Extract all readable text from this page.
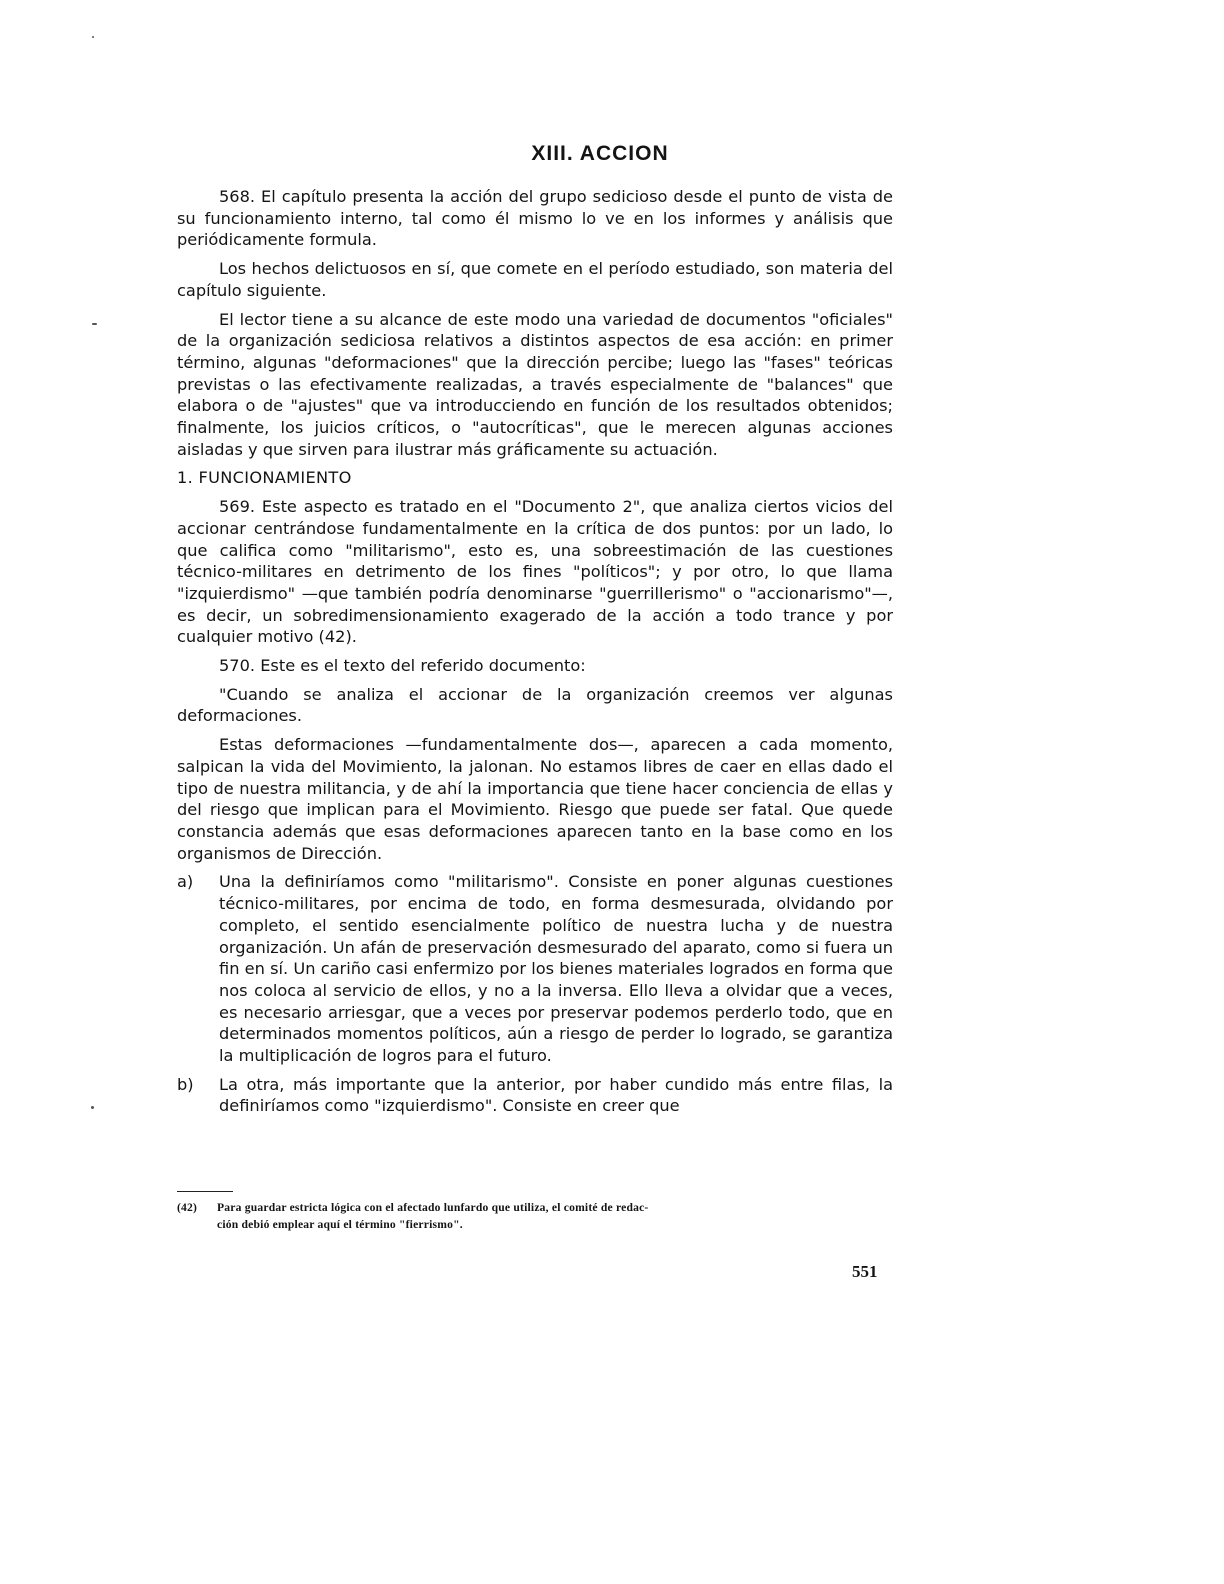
XIII. ACCION

568. El capítulo presenta la acción del grupo sedicioso desde el punto de vista de su funcionamiento interno, tal como él mismo lo ve en los informes y análisis que periódicamente formula.

Los hechos delictuosos en sí, que comete en el período estudiado, son materia del capítulo siguiente.

El lector tiene a su alcance de este modo una variedad de documentos "oficiales" de la organización sediciosa relativos a distintos aspectos de esa acción: en primer término, algunas "deformaciones" que la dirección percibe; luego las "fases" teóricas previstas o las efectivamente realizadas, a través especialmente de "balances" que elabora o de "ajustes" que va introducciendo en función de los resultados obtenidos; finalmente, los juicios críticos, o "autocríticas", que le merecen algunas acciones aisladas y que sirven para ilustrar más gráficamente su actuación.

1. FUNCIONAMIENTO

569. Este aspecto es tratado en el "Documento 2", que analiza ciertos vicios del accionar centrándose fundamentalmente en la crítica de dos puntos: por un lado, lo que califica como "militarismo", esto es, una sobreestimación de las cuestiones técnico-militares en detrimento de los fines "políticos"; y por otro, lo que llama "izquierdismo" —que también podría denominarse "guerrillerismo" o "accionarismo"—, es decir, un sobredimensionamiento exagerado de la acción a todo trance y por cualquier motivo (42).

570. Este es el texto del referido documento:

"Cuando se analiza el accionar de la organización creemos ver algunas deformaciones.

Estas deformaciones —fundamentalmente dos—, aparecen a cada momento, salpican la vida del Movimiento, la jalonan. No estamos libres de caer en ellas dado el tipo de nuestra militancia, y de ahí la importancia que tiene hacer conciencia de ellas y del riesgo que implican para el Movimiento. Riesgo que puede ser fatal. Que quede constancia además que esas deformaciones aparecen tanto en la base como en los organismos de Dirección.

a)	Una la definiríamos como "militarismo". Consiste en poner algunas cuestiones técnico-militares, por encima de todo, en forma desmesurada, olvidando por completo, el sentido esencialmente político de nuestra lucha y de nuestra organización. Un afán de preservación desmesurado del aparato, como si fuera un fin en sí. Un cariño casi enfermizo por los bienes materiales logrados en forma que nos coloca al servicio de ellos, y no a la inversa. Ello lleva a olvidar que a veces, es necesario arriesgar, que a veces por preservar podemos perderlo todo, que en determinados momentos políticos, aún a riesgo de perder lo logrado, se garantiza la multiplicación de logros para el futuro.
b)	La otra, más importante que la anterior, por haber cundido más entre filas, la definiríamos como "izquierdismo". Consiste en creer que
(42) Para guardar estricta lógica con el afectado lunfardo que utiliza, el comité de redac-
ción debió emplear aquí el término "fierrismo".
551
